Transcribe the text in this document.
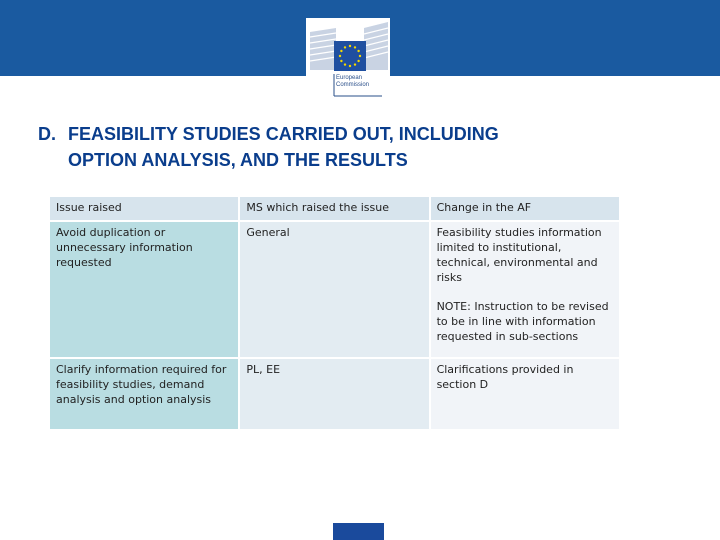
European
Commission
D. FEASIBILITY STUDIES CARRIED OUT, INCLUDING
OPTION ANALYSIS, AND THE RESULTS
Issue raised	MS which raised the issue	Change in the AF
Avoid duplication or unnecessary information requested	General	Feasibility studies information limited to institutional, technical, environmental and risks
NOTE: Instruction to be revised to be in line with information requested in sub-sections

Clarify information required for feasibility studies, demand analysis and option analysis	PL, EE	Clarifications provided in section D
